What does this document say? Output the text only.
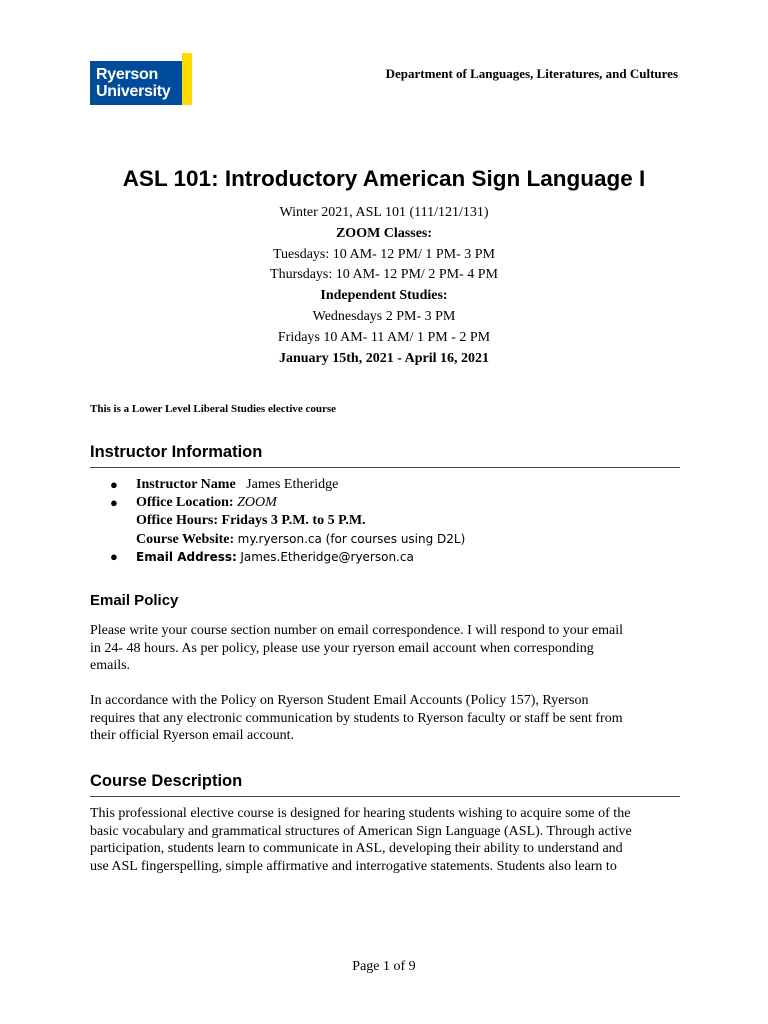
Ryerson
University
Department of Languages, Literatures, and Cultures
ASL 101: Introductory American Sign Language I
Winter 2021, ASL 101 (111/121/131)
ZOOM Classes:
Tuesdays: 10 AM- 12 PM/ 1 PM- 3 PM
Thursdays: 10 AM- 12 PM/ 2 PM- 4 PM
Independent Studies:
Wednesdays 2 PM- 3 PM
Fridays 10 AM- 11 AM/ 1 PM - 2 PM
January 15th, 2021 - April 16, 2021
This is a Lower Level Liberal Studies elective course
Instructor Information
● Instructor Name James Etheridge
● Office Location: ZOOM
Office Hours: Fridays 3 P.M. to 5 P.M.
Course Website: my.ryerson.ca (for courses using D2L)
● Email Address: James.Etheridge@ryerson.ca
Email Policy
Please write your course section number on email correspondence. I will respond to your email
in 24- 48 hours. As per policy, please use your ryerson email account when corresponding
emails.
In accordance with the Policy on Ryerson Student Email Accounts (Policy 157), Ryerson
requires that any electronic communication by students to Ryerson faculty or staff be sent from
their official Ryerson email account.
Course Description
This professional elective course is designed for hearing students wishing to acquire some of the
basic vocabulary and grammatical structures of American Sign Language (ASL). Through active
participation, students learn to communicate in ASL, developing their ability to understand and
use ASL fingerspelling, simple affirmative and interrogative statements. Students also learn to
Page 1 of 9
